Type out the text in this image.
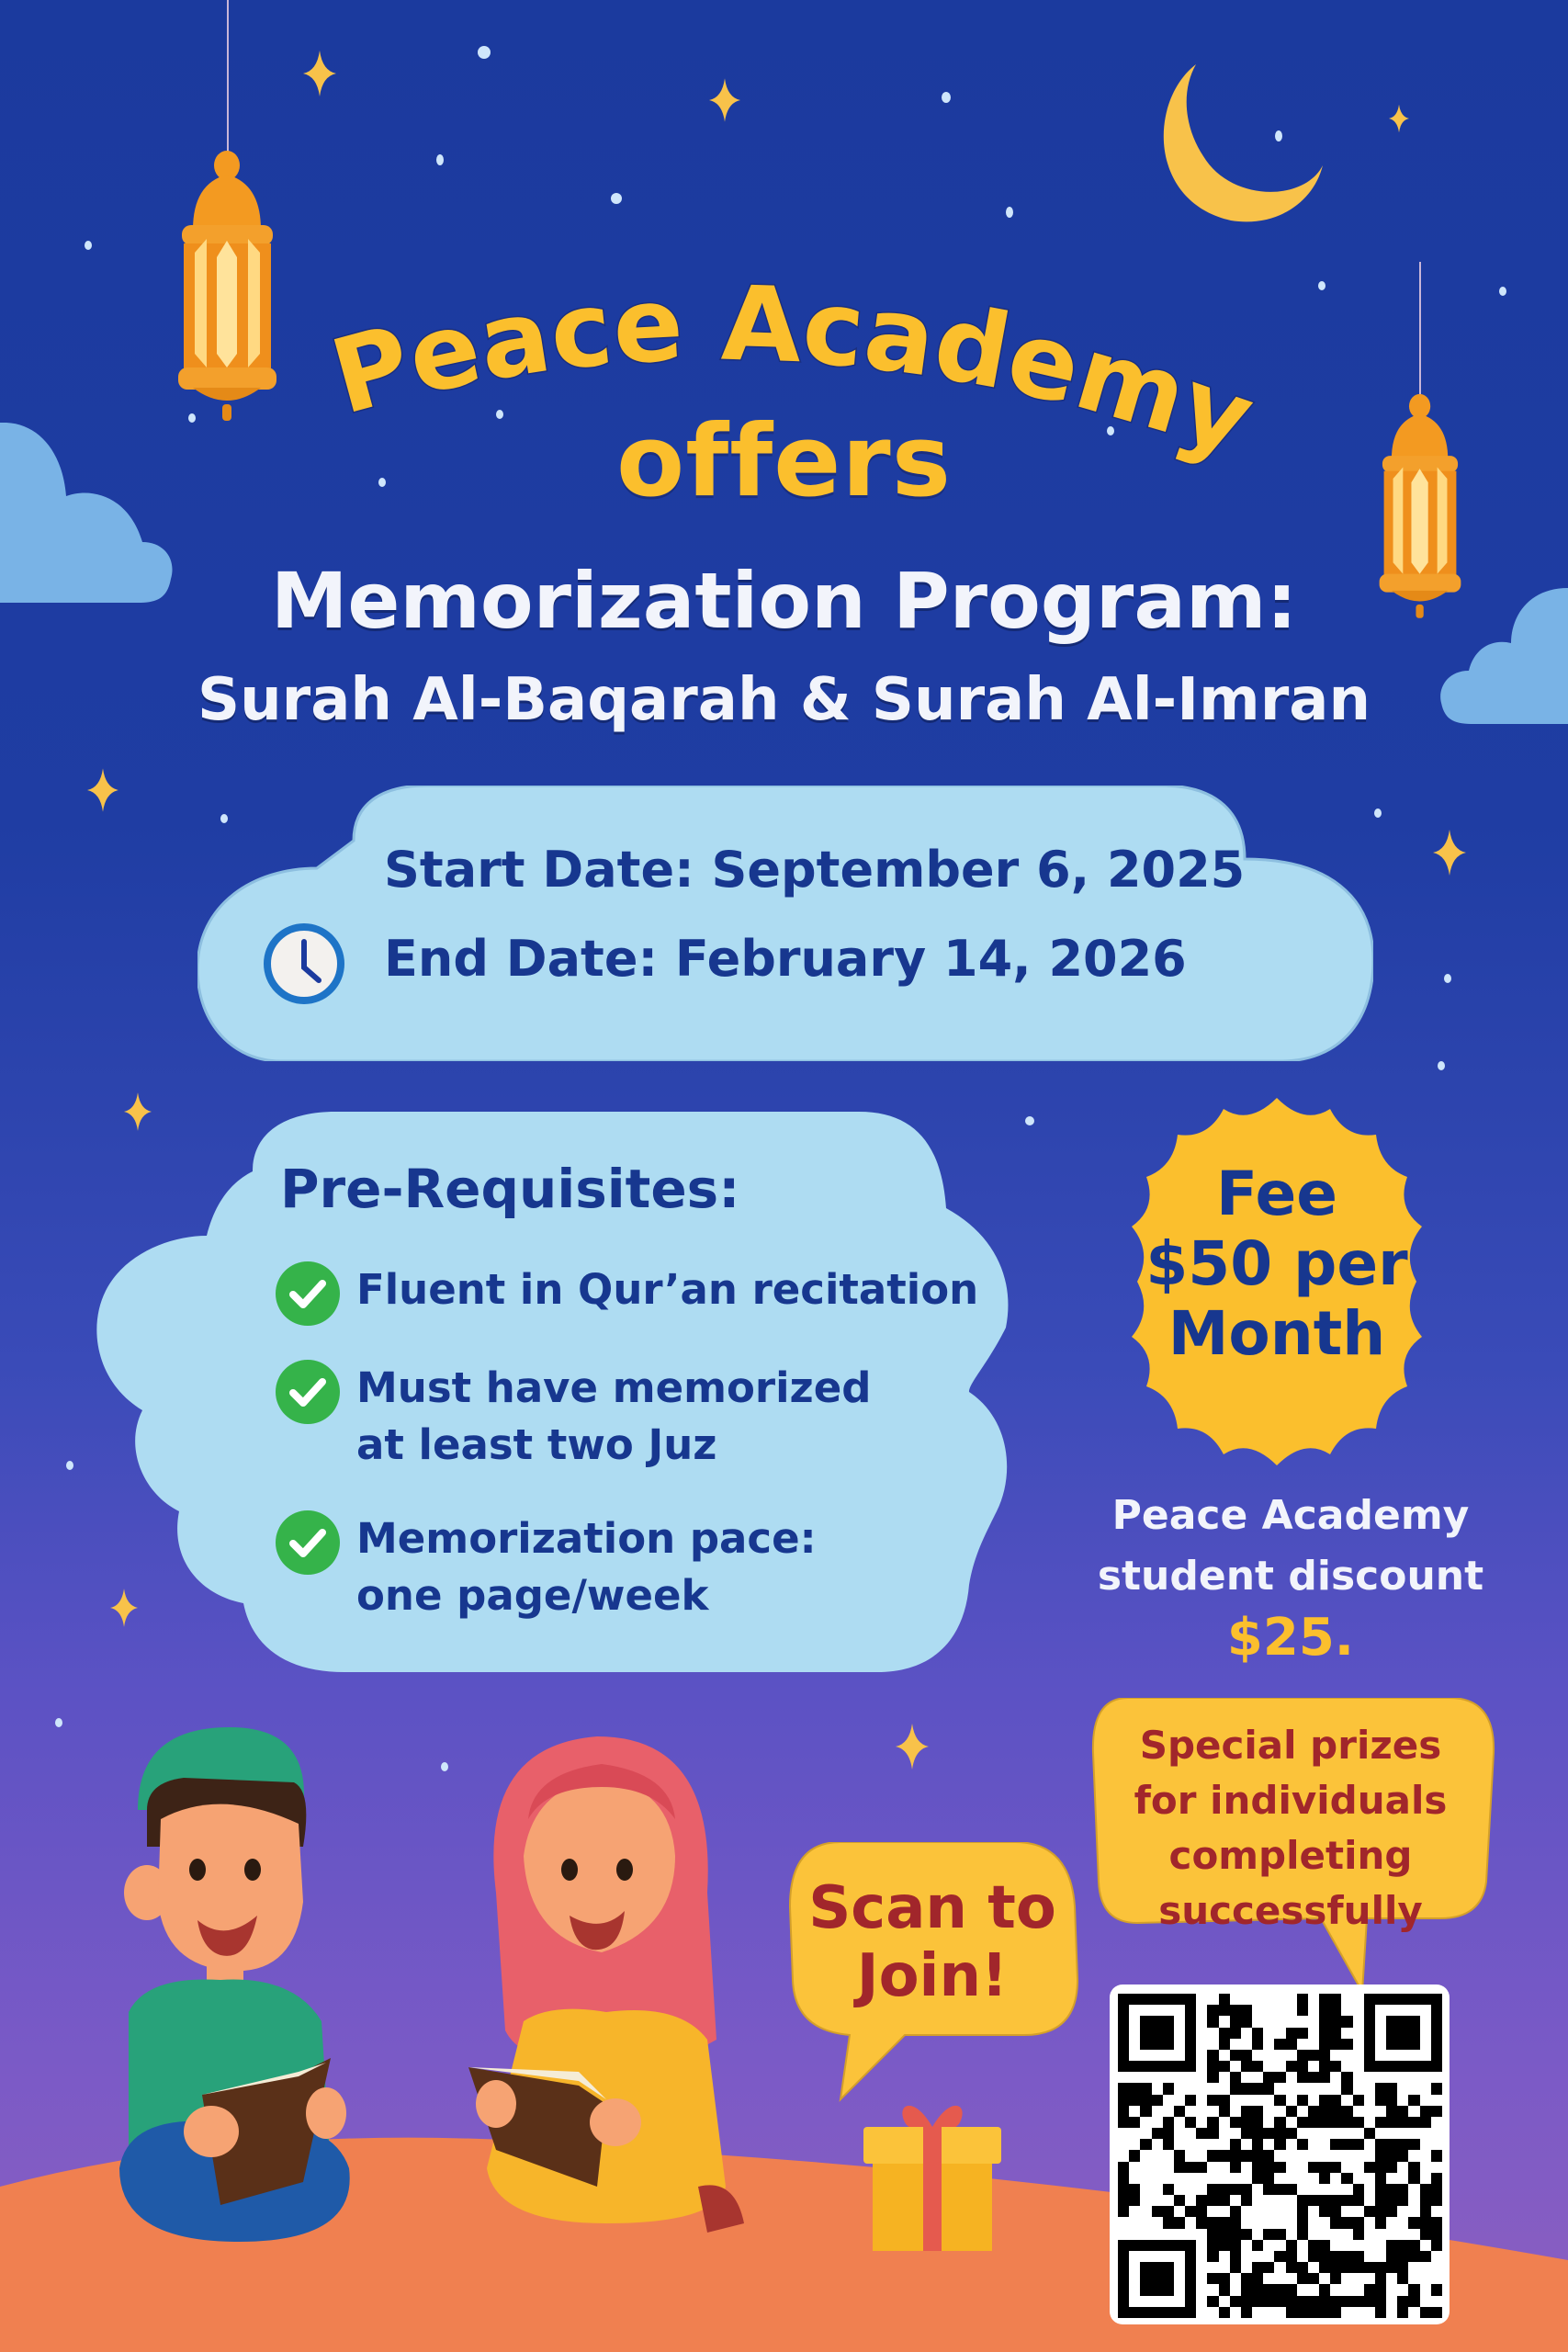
Peace Academy
offers
Memorization Program:
Surah Al-Baqarah & Surah Al-Imran
Start Date: September 6, 2025
End Date: February 14, 2026
Pre-Requisites:
Fluent in Qur’an recitation
Must have memorized
at least two Juz
Memorization pace:
one page/week
Fee
$50 per
Month
Peace Academy
student discount
$25.
Special prizes
for individuals
completing
successfully
Scan to
Join!
